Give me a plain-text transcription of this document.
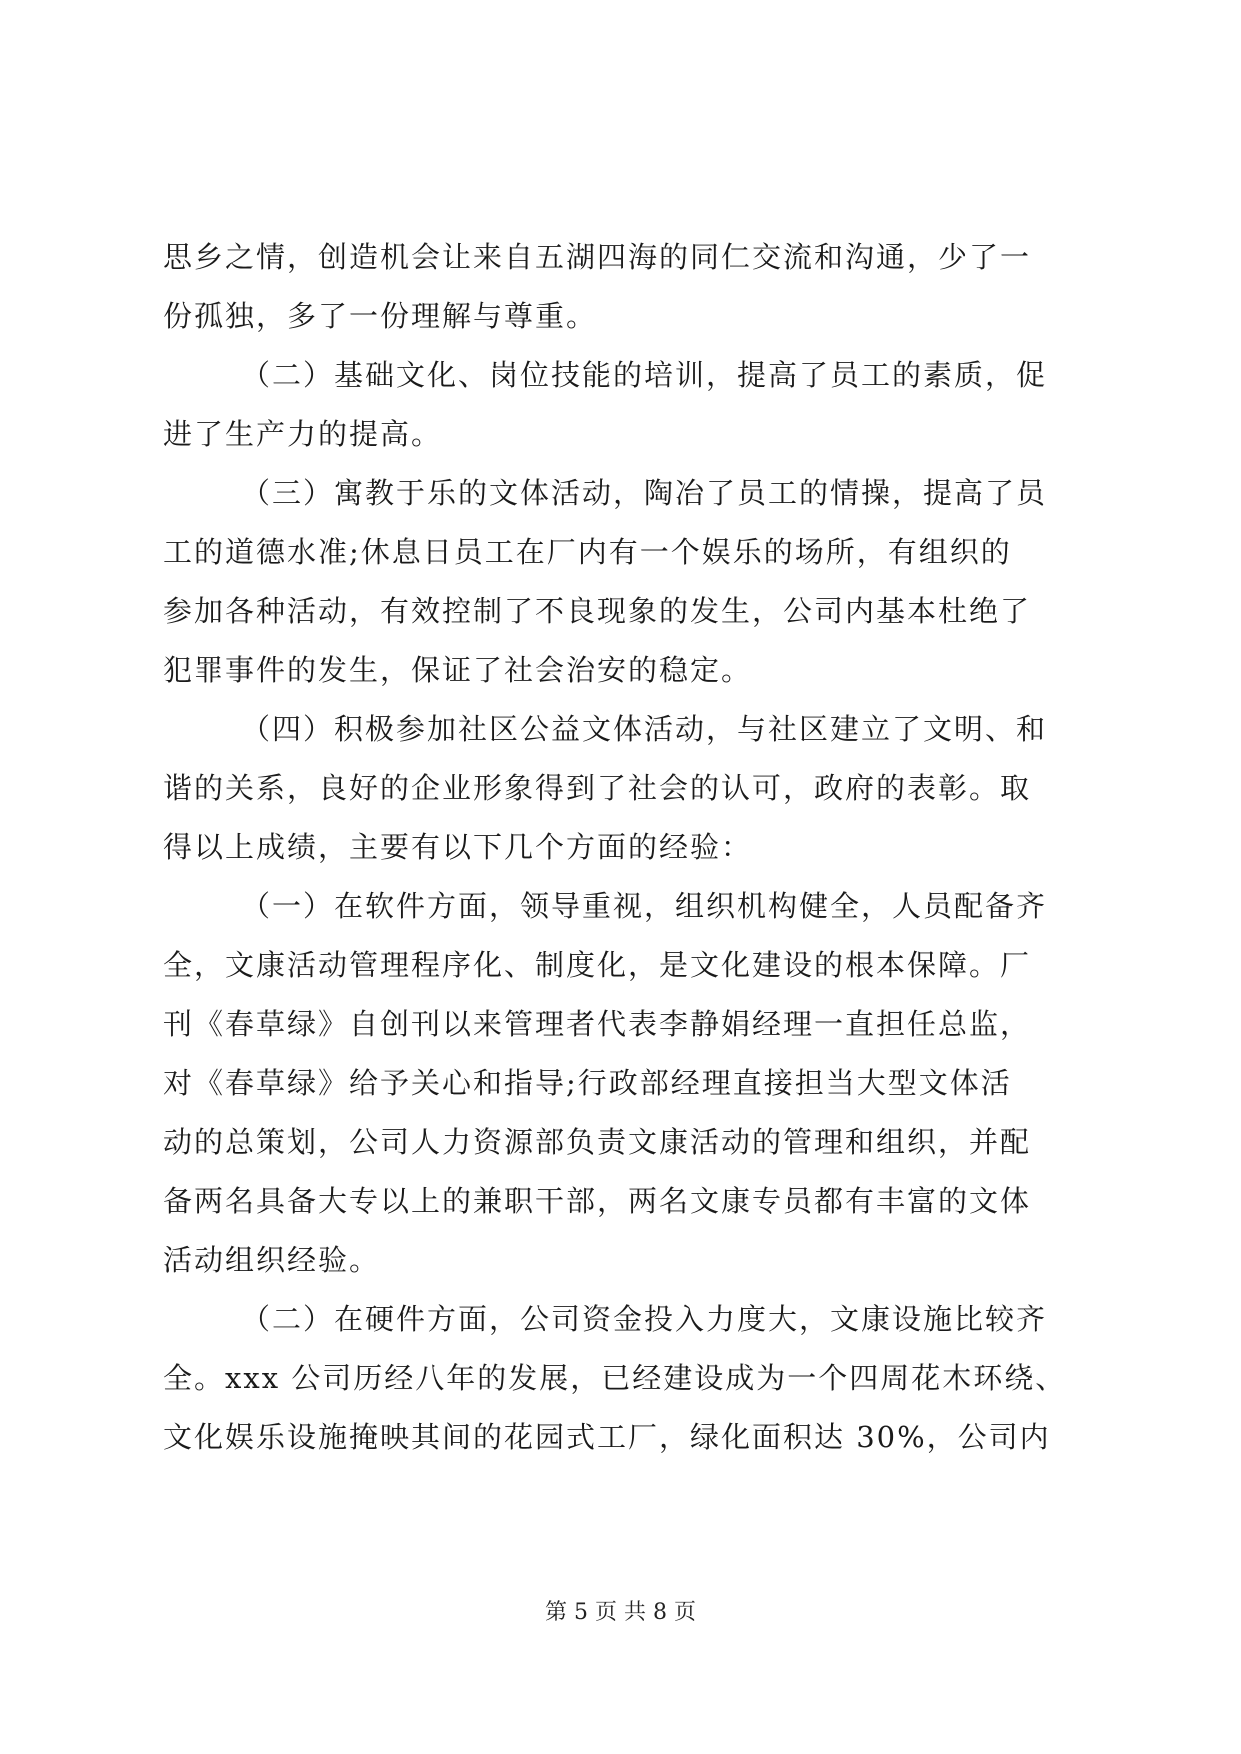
思乡之情，创造机会让来自五湖四海的同仁交流和沟通，少了一
份孤独，多了一份理解与尊重。
（二）基础文化、岗位技能的培训，提高了员工的素质，促
进了生产力的提高。
（三）寓教于乐的文体活动，陶冶了员工的情操，提高了员
工的道德水准;休息日员工在厂内有一个娱乐的场所，有组织的
参加各种活动，有效控制了不良现象的发生，公司内基本杜绝了
犯罪事件的发生，保证了社会治安的稳定。
（四）积极参加社区公益文体活动，与社区建立了文明、和
谐的关系，良好的企业形象得到了社会的认可，政府的表彰。取
得以上成绩，主要有以下几个方面的经验：
（一）在软件方面，领导重视，组织机构健全，人员配备齐
全，文康活动管理程序化、制度化，是文化建设的根本保障。厂
刊《春草绿》自创刊以来管理者代表李静娟经理一直担任总监，
对《春草绿》给予关心和指导;行政部经理直接担当大型文体活
动的总策划，公司人力资源部负责文康活动的管理和组织，并配
备两名具备大专以上的兼职干部，两名文康专员都有丰富的文体
活动组织经验。
（二）在硬件方面，公司资金投入力度大，文康设施比较齐
全。xxx 公司历经八年的发展，已经建设成为一个四周花木环绕、
文化娱乐设施掩映其间的花园式工厂，绿化面积达 30%，公司内
第 5 页 共 8 页
